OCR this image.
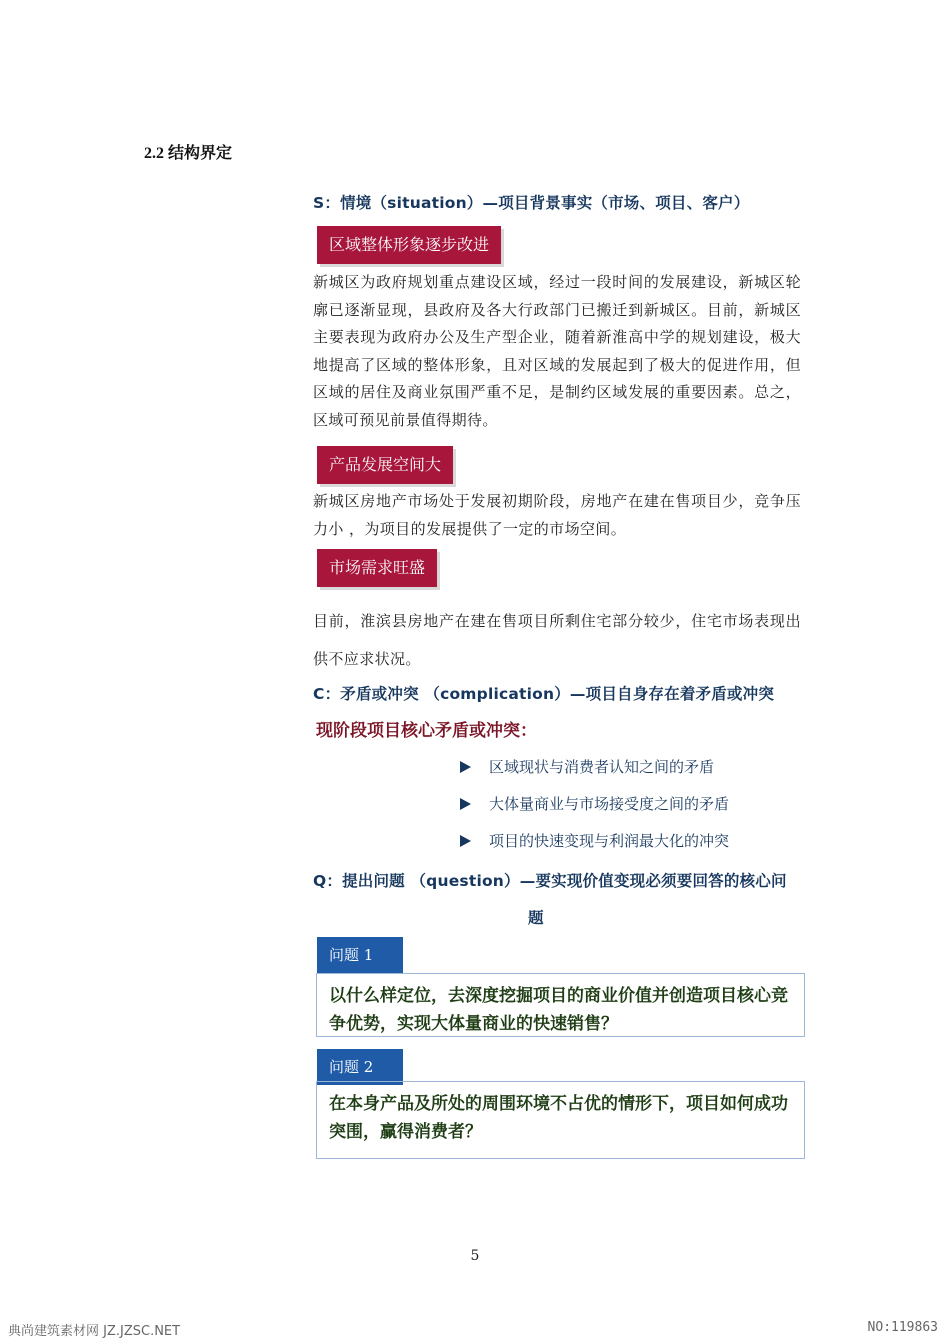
2.2 结构界定
S：情境（situation）—项目背景事实（市场、项目、客户）
区域整体形象逐步改进
新城区为政府规划重点建设区域，经过一段时间的发展建设，新城区轮廓已逐渐显现，县政府及各大行政部门已搬迁到新城区。目前，新城区主要表现为政府办公及生产型企业，随着新淮高中学的规划建设，极大地提高了区域的整体形象，且对区域的发展起到了极大的促进作用，但区域的居住及商业氛围严重不足，是制约区域发展的重要因素。总之，区域可预见前景值得期待。
产品发展空间大
新城区房地产市场处于发展初期阶段，房地产在建在售项目少，竞争压力小 ，为项目的发展提供了一定的市场空间。
市场需求旺盛
目前，淮滨县房地产在建在售项目所剩住宅部分较少，住宅市场表现出供不应求状况。
C：矛盾或冲突 （complication）—项目自身存在着矛盾或冲突
现阶段项目核心矛盾或冲突：
区域现状与消费者认知之间的矛盾
大体量商业与市场接受度之间的矛盾
项目的快速变现与利润最大化的冲突
Q：提出问题 （question）—要实现价值变现必须要回答的核心问
题
问题 1
以什么样定位，去深度挖掘项目的商业价值并创造项目核心竞争优势，实现大体量商业的快速销售？
问题 2
在本身产品及所处的周围环境不占优的情形下，项目如何成功突围，赢得消费者？
5
典尚建筑素材网 JZ.JZSC.NET	NO:119863
